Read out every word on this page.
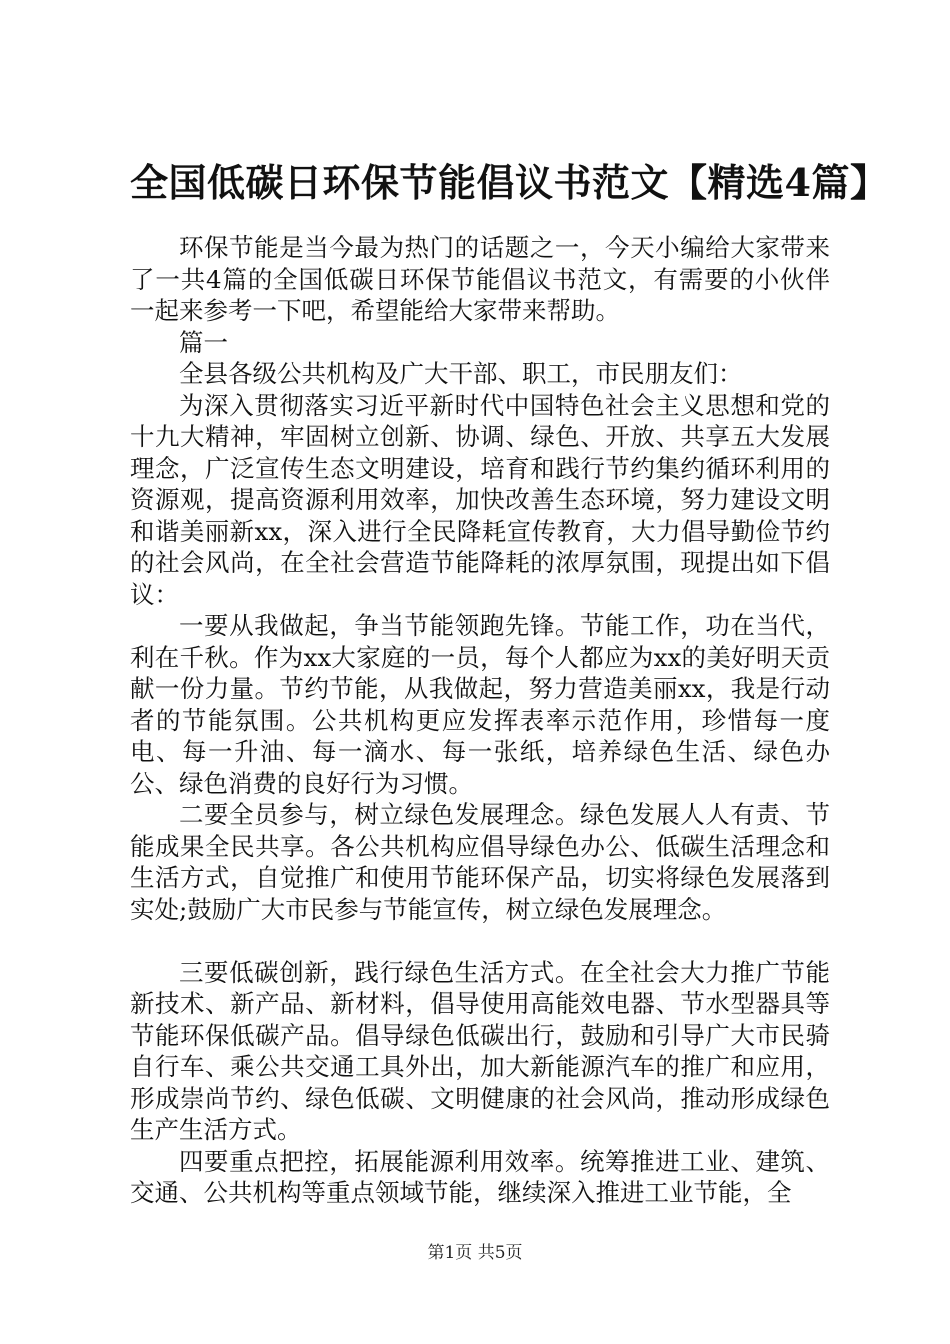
全国低碳日环保节能倡议书范文【精选4篇】

环保节能是当今最为热门的话题之一，今天小编给大家带来了一共4篇的全国低碳日环保节能倡议书范文，有需要的小伙伴一起来参考一下吧，希望能给大家带来帮助。

篇一

全县各级公共机构及广大干部、职工，市民朋友们：

为深入贯彻落实习近平新时代中国特色社会主义思想和党的十九大精神，牢固树立创新、协调、绿色、开放、共享五大发展理念，广泛宣传生态文明建设，培育和践行节约集约循环利用的资源观，提高资源利用效率，加快改善生态环境，努力建设文明和谐美丽新xx，深入进行全民降耗宣传教育，大力倡导勤俭节约的社会风尚，在全社会营造节能降耗的浓厚氛围，现提出如下倡议：

一要从我做起，争当节能领跑先锋。节能工作，功在当代，利在千秋。作为xx大家庭的一员，每个人都应为xx的美好明天贡献一份力量。节约节能，从我做起，努力营造美丽xx，我是行动者的节能氛围。公共机构更应发挥表率示范作用，珍惜每一度电、每一升油、每一滴水、每一张纸，培养绿色生活、绿色办公、绿色消费的良好行为习惯。

二要全员参与，树立绿色发展理念。绿色发展人人有责、节能成果全民共享。各公共机构应倡导绿色办公、低碳生活理念和生活方式，自觉推广和使用节能环保产品，切实将绿色发展落到实处;鼓励广大市民参与节能宣传，树立绿色发展理念。

三要低碳创新，践行绿色生活方式。在全社会大力推广节能新技术、新产品、新材料，倡导使用高能效电器、节水型器具等节能环保低碳产品。倡导绿色低碳出行，鼓励和引导广大市民骑自行车、乘公共交通工具外出，加大新能源汽车的推广和应用，形成崇尚节约、绿色低碳、文明健康的社会风尚，推动形成绿色生产生活方式。

四要重点把控，拓展能源利用效率。统筹推进工业、建筑、交通、公共机构等重点领域节能，继续深入推进工业节能，全

第1页 共5页
